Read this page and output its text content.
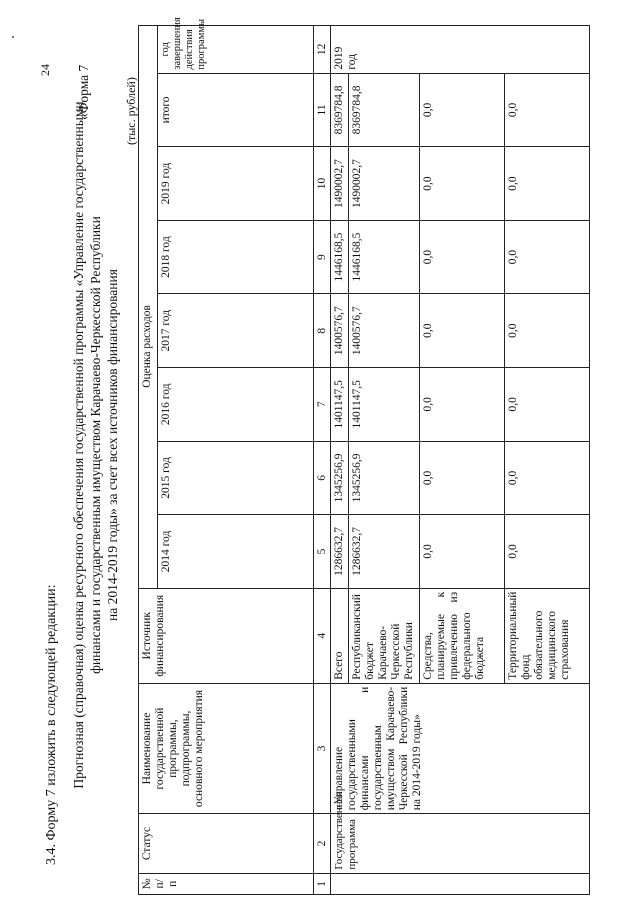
24 «Форма 7
3.4. Форму 7 изложить в следующей редакции: Прогнозная (справочная) оценка ресурсного обеспечения государственной программы «Управление государственными финансами и государственным имуществом Карачаево-Черкесской Республики на 2014-2019 годы» за счет всех источников финансирования
(тыс. рублей)
№ п/ п	Статус	Наименование государственной программы, подпрограммы, основного мероприятия	Источник финансирования	Оценка расходов							
				2014 год	2015 год	2016 год	2017 год	2018 год	2019 год	итого	год завершения действия программы
1	2	3	4	5	6	7	8	9	10	11	12
	Государственная программа	«Управление государственными финансами и государственным имуществом Карачаево-Черкесской Республики на 2014-2019 годы»	Всего	1286632,7	1345256,9	1401147,5	1400576,7	1446168,5	1490002,7	8369784,8	2019 год
			Республиканский бюджет Карачаево-Черкесской Республики	1286632,7	1345256,9	1401147,5	1400576,7	1446168,5	1490002,7	8369784,8	
			Средства, планируемые к привлечению из федерального бюджета	0,0	0,0	0,0	0,0	0,0	0,0	0,0	
			Территориальный фонд обязательного медицинского страхования	0,0	0,0	0,0	0,0	0,0	0,0	0,0	
